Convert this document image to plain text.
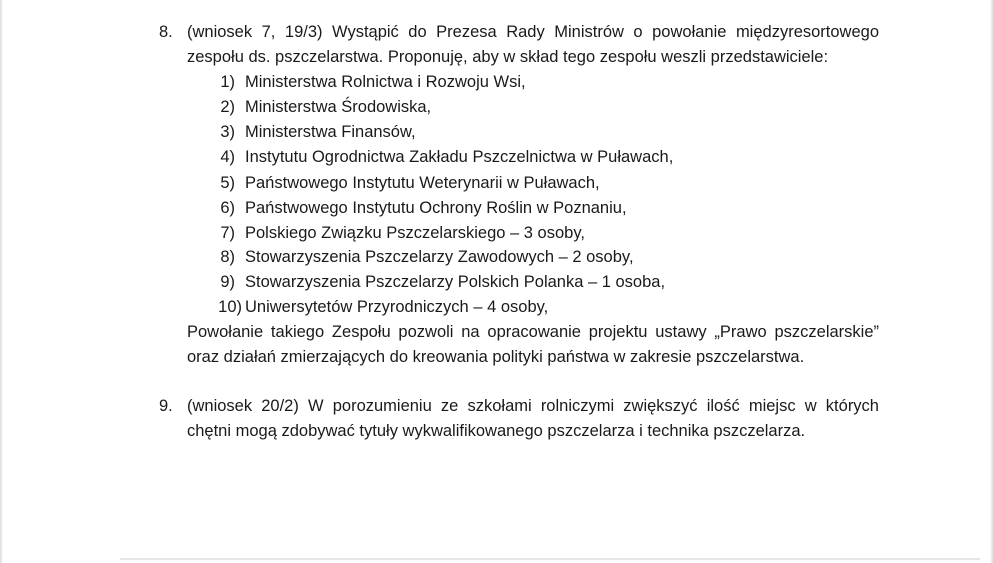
8. (wniosek 7, 19/3) Wystąpić do Prezesa Rady Ministrów o powołanie międzyresortowego
zespołu ds. pszczelarstwa. Proponuję, aby w skład tego zespołu weszli przedstawiciele:
1) Ministerstwa Rolnictwa i Rozwoju Wsi,
2) Ministerstwa Środowiska,
3) Ministerstwa Finansów,
4) Instytutu Ogrodnictwa Zakładu Pszczelnictwa w Puławach,
5) Państwowego Instytutu Weterynarii w Puławach,
6) Państwowego Instytutu Ochrony Roślin w Poznaniu,
7) Polskiego Związku Pszczelarskiego – 3 osoby,
8) Stowarzyszenia Pszczelarzy Zawodowych – 2 osoby,
9) Stowarzyszenia Pszczelarzy Polskich Polanka – 1 osoba,
10) Uniwersytetów Przyrodniczych – 4 osoby,
Powołanie takiego Zespołu pozwoli na opracowanie projektu ustawy „Prawo pszczelarskie”
oraz działań zmierzających do kreowania polityki państwa w zakresie pszczelarstwa.
9. (wniosek 20/2) W porozumieniu ze szkołami rolniczymi zwiększyć ilość miejsc w których
chętni mogą zdobywać tytuły wykwalifikowanego pszczelarza i technika pszczelarza.
